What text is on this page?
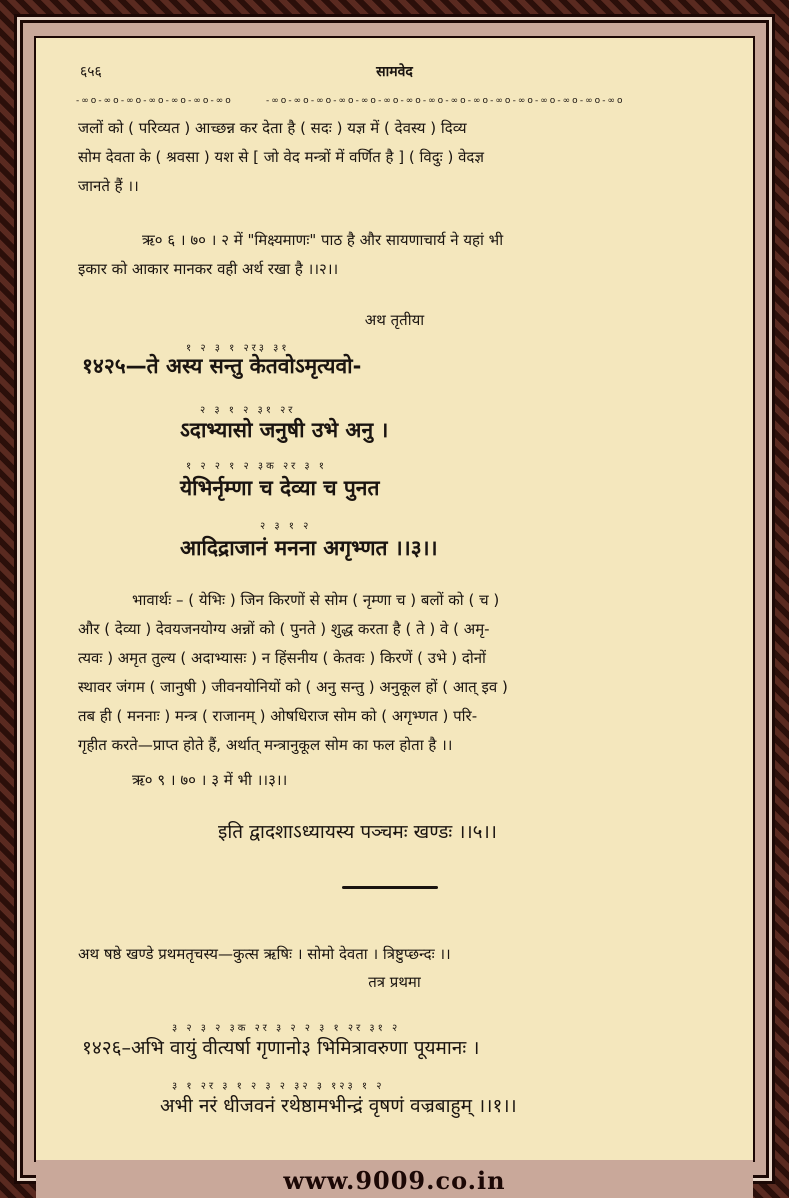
६५६	सामवेद
-∞o-∞o-∞o-∞o-∞o-∞o-∞o	-∞o-∞o-∞o-∞o-∞o-∞o-∞o-∞o-∞o-∞o-∞o-∞o-∞o-∞o-∞o-∞o
जलों को ( परिव्यत ) आच्छन्न कर देता है ( सदः ) यज्ञ में ( देवस्य ) दिव्य
सोम देवता के ( श्रवसा ) यश से [ जो वेद मन्त्रों में वर्णित है ] ( विदुः ) वेदज्ञ
जानते हैं ।।
ऋ० ६ । ७० । २ में "मिक्ष्यमाणः" पाठ है और सायणाचार्य ने यहां भी
इकार को आकार मानकर वही अर्थ रखा है ।।२।।
अथ तृतीया
१ २ ३ १ २र३ ३१
१४२५—ते अस्य सन्तु केतवोऽमृत्यवो-
२ ३ १ २ ३१ २र
ऽदाभ्यासो जनुषी उभे अनु ।
१ २ २ १ २ ३क २र ३ १
येभिर्नृम्णा च देव्या च पुनत
२ ३ १ २
आदिद्राजानं मनना अगृभ्णत ।।३।।
भावार्थः – ( येभिः ) जिन किरणों से सोम ( नृम्णा च ) बलों को ( च )
और ( देव्या ) देवयजनयोग्य अन्नों को ( पुनते ) शुद्ध करता है ( ते ) वे ( अमृ-
त्यवः ) अमृत तुल्य ( अदाभ्यासः ) न हिंसनीय ( केतवः ) किरणें ( उभे ) दोनों
स्थावर जंगम ( जानुषी ) जीवनयोनियों को ( अनु सन्तु ) अनुकूल हों ( आत् इव )
तब ही ( मननाः ) मन्त्र ( राजानम् ) ओषधिराज सोम को ( अगृभ्णत ) परि-
गृहीत करते—प्राप्त होते हैं, अर्थात् मन्त्रानुकूल सोम का फल होता है ।।
ऋ० ९ । ७० । ३ में भी ।।३।।
इति द्वादशाऽध्यायस्य पञ्चमः खण्डः ।।५।।
अथ षष्ठे खण्डे प्रथमतृचस्य—कुत्स ऋषिः । सोमो देवता । त्रिष्टुप्छन्दः ।।
तत्र प्रथमा
३ २ ३ २ ३क २र ३ २ २ ३ १ २र ३१ २
१४२६–अभि वायुं वीत्यर्षा गृणानो३ भिमित्रावरुणा पूयमानः ।
३ १ २र ३ १ २ ३ २ ३२ ३ १२३ १ २
अभी नरं धीजवनं रथेष्ठामभीन्द्रं वृषणं वज्रबाहुम् ।।१।।
www.9009.co.in
